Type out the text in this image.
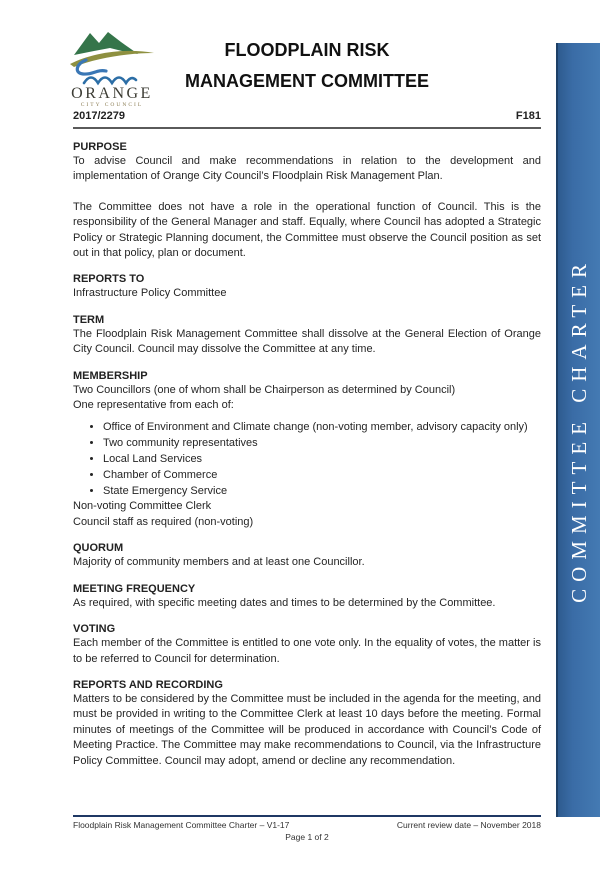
COMMITTEE CHARTER
ORANGE
CITY COUNCIL
FLOODPLAIN RISK
MANAGEMENT COMMITTEE
2017/2279	F181
PURPOSE

To advise Council and make recommendations in relation to the development and implementation of Orange City Council’s Floodplain Risk Management Plan.

The Committee does not have a role in the operational function of Council. This is the responsibility of the General Manager and staff. Equally, where Council has adopted a Strategic Policy or Strategic Planning document, the Committee must observe the Council position as set out in that policy, plan or document.

REPORTS TO

Infrastructure Policy Committee

TERM

The Floodplain Risk Management Committee shall dissolve at the General Election of Orange City Council. Council may dissolve the Committee at any time.

MEMBERSHIP

Two Councillors (one of whom shall be Chairperson as determined by Council)

One representative from each of:

• Office of Environment and Climate change (non-voting member, advisory capacity only)
• Two community representatives
• Local Land Services
• Chamber of Commerce
• State Emergency Service

Non-voting Committee Clerk

Council staff as required (non-voting)

QUORUM

Majority of community members and at least one Councillor.

MEETING FREQUENCY

As required, with specific meeting dates and times to be determined by the Committee.

VOTING

Each member of the Committee is entitled to one vote only. In the equality of votes, the matter is to be referred to Council for determination.

REPORTS AND RECORDING

Matters to be considered by the Committee must be included in the agenda for the meeting, and must be provided in writing to the Committee Clerk at least 10 days before the meeting. Formal minutes of meetings of the Committee will be produced in accordance with Council’s Code of Meeting Practice. The Committee may make recommendations to Council, via the Infrastructure Policy Committee. Council may adopt, amend or decline any recommendation.

Floodplain Risk Management Committee Charter – V1-17	Current review date – November 2018
Page 1 of 2
